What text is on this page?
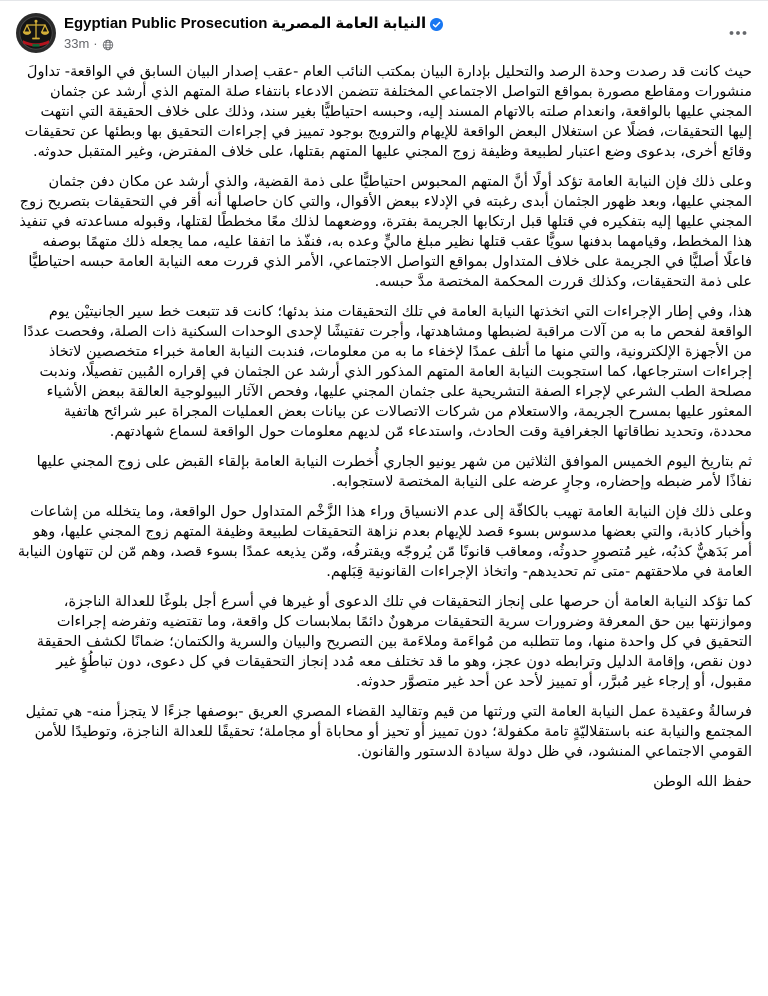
Egyptian Public Prosecution النيابة العامة المصرية
33m ·

حيث كانت قد رصدت وحدة الرصد والتحليل بإدارة البيان بمكتب النائب العام -عقب إصدار البيان السابق في الواقعة- تداولَ منشورات ومقاطع مصورة بمواقع التواصل الاجتماعي المختلفة تتضمن الادعاء بانتفاء صلة المتهم الذي أرشد عن جثمان المجني عليها بالواقعة، وانعدام صلته بالاتهام المسند إليه، وحبسه احتياطيًّا بغير سند، وذلك على خلاف الحقيقة التي انتهت إليها التحقيقات، فضلًا عن استغلال البعض الواقعة للإيهام والترويج بوجود تمييز في إجراءات التحقيق بها وبطئها عن تحقيقات وقائع أخرى، بدعوى وضع اعتبار لطبيعة وظيفة زوج المجني عليها المتهم بقتلها، على خلاف المفترض، وغير المتقبل حدوثه.

وعلى ذلك فإن النيابة العامة تؤكد أولًا أنَّ المتهم المحبوس احتياطيًّا على ذمة القضية، والذي أرشد عن مكان دفن جثمان المجني عليها، وبعد ظهور الجثمان أبدى رغبته في الإدلاء ببعض الأقوال، والتي كان حاصلها أنه أقر في التحقيقات بتصريح زوج المجني عليها إليه بتفكيره في قتلها قبل ارتكابها الجريمة بفترة، ووضعهما لذلك معًا مخططًا لقتلها، وقبوله مساعدته في تنفيذ هذا المخطط، وقيامهما بدفنها سويًّا عقب قتلها نظير مبلغ ماليٍّ وعده به، فنفّذ ما اتفقا عليه، مما يجعله ذلك متهمًا بوصفه فاعلًا أصليًّا في الجريمة على خلاف المتداول بمواقع التواصل الاجتماعي، الأمر الذي قررت معه النيابة العامة حبسه احتياطيًّا على ذمة التحقيقات، وكذلك قررت المحكمة المختصة مدَّ حبسه.

هذا، وفي إطار الإجراءات التي اتخذتها النيابة العامة في تلك التحقيقات منذ بدئها؛ كانت قد تتبعت خط سير الجانيتيْن يوم الواقعة لفحص ما به من آلات مراقبة لضبطها ومشاهدتها، وأجرت تفتيشًا لإحدى الوحدات السكنية ذات الصلة، وفحصت عددًا من الأجهزة الإلكترونية، والتي منها ما أتلف عمدًا لإخفاء ما به من معلومات، فندبت النيابة العامة خبراء متخصصين لاتخاذ إجراءات استرجاعها، كما استجوبت النيابة العامة المتهم المذكور الذي أرشد عن الجثمان في إقراره المُبين تفصيلًا، وندبت مصلحة الطب الشرعي لإجراء الصفة التشريحية على جثمان المجني عليها، وفحص الآثار البيولوجية العالقة ببعض الأشياء المعثور عليها بمسرح الجريمة، والاستعلام من شركات الاتصالات عن بيانات بعض العمليات المجراة عبر شرائح هاتفية محددة، وتحديد نطاقاتها الجغرافية وقت الحادث، واستدعاء مّن لديهم معلومات حول الواقعة لسماع شهادتهم.

ثم بتاريخ اليوم الخميس الموافق الثلاثين من شهر يونيو الجاري أُخطرت النيابة العامة بإلقاء القبض على زوج المجني عليها نفاذًا لأمر ضبطه وإحضاره، وجارٍ عرضه على النيابة المختصة لاستجوابه.

وعلى ذلك فإن النيابة العامة تهيب بالكافّة إلى عدم الانسياق وراء هذا الزَّخْم المتداول حول الواقعة، وما يتخلله من إشاعات وأخبار كاذبة، والتي بعضها مدسوس بسوء قصد للإيهام بعدم نزاهة التحقيقات لطبيعة وظيفة المتهم زوج المجني عليها، وهو أمر بَدَهيٌّ كذبُه، غير مُتصورٍ حدوثُه، ومعاقب قانونًا مّن يُروجّه ويقترفُه، ومّن يذيعه عمدًا بسوء قصد، وهم مّن لن تتهاون النيابة العامة في ملاحقتهم -متى تم تحديدهم- واتخاذ الإجراءات القانونية قِبَلهم.

كما تؤكد النيابة العامة أن حرصها على إنجاز التحقيقات في تلك الدعوى أو غيرها في أسرع أجل بلوغًا للعدالة الناجزة، وموازنتها بين حق المعرفة وضرورات سرية التحقيقات مرهونٌ دائمًا بملابسات كل واقعة، وما تقتضيه وتفرضه إجراءات التحقيق في كل واحدة منها، وما تتطلبه من مُواءَمة وملاءَمة بين التصريح والبيان والسرية والكتمان؛ ضمانًا لكشف الحقيقة دون نقص، وإقامة الدليل وترابطه دون عجز، وهو ما قد تختلف معه مُدد إنجاز التحقيقات في كل دعوى، دون تباطُؤٍ غير مقبول، أو إرجاء غير مُبرَّر، أو تمييز لأحد عن أحد غير متصوَّر حدوثه.

فرسالةُ وعقيدة عمل النيابة العامة التي ورثتها من قيم وتقاليد القضاء المصري العريق -بوصفها جزءًا لا يتجزأ منه- هي تمثيل المجتمع والنيابة عنه باستقلاليّةٍ تامة مكفولة؛ دون تمييز أو تحيز أو محاباة أو مجاملة؛ تحقيقًا للعدالة الناجزة، وتوطيدًا للأمن القومي الاجتماعي المنشود، في ظل دولة سيادة الدستور والقانون.

حفظ الله الوطن
